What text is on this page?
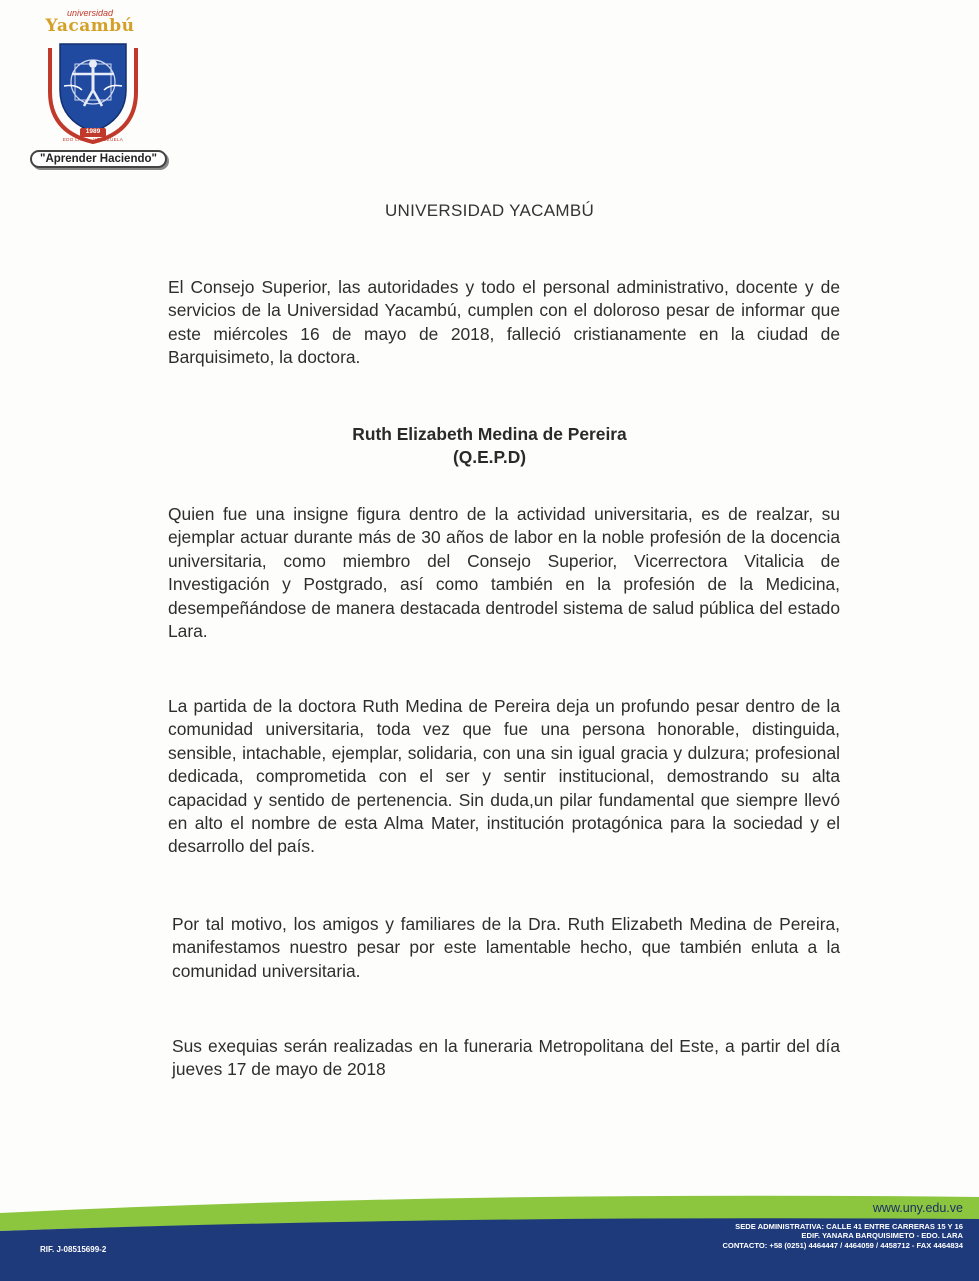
universidad
Yacambú
1989
EDO LARA - VENEZUELA
"Aprender Haciendo"
UNIVERSIDAD YACAMBÚ
El Consejo Superior, las autoridades y todo el personal administrativo, docente y de servicios de la Universidad Yacambú, cumplen con el doloroso pesar de informar que este miércoles 16 de mayo de 2018, falleció cristianamente en la ciudad de Barquisimeto, la doctora.
Ruth Elizabeth Medina de Pereira
(Q.E.P.D)
Quien fue una insigne figura dentro de la actividad universitaria, es de realzar, su ejemplar actuar durante más de 30 años de labor en la noble profesión de la docencia universitaria, como miembro del Consejo Superior, Vicerrectora Vitalicia de Investigación y Postgrado, así como también en la profesión de la Medicina, desempeñándose de manera destacada dentrodel sistema de salud pública del estado Lara.
La partida de la doctora Ruth Medina de Pereira deja un profundo pesar dentro de la comunidad universitaria, toda vez que fue una persona honorable, distinguida, sensible, intachable, ejemplar, solidaria, con una sin igual gracia y dulzura; profesional dedicada, comprometida con el ser y sentir institucional, demostrando su alta capacidad y sentido de pertenencia. Sin duda,un pilar fundamental que siempre llevó en alto el nombre de esta Alma Mater, institución protagónica para la sociedad y el desarrollo del país.
Por tal motivo, los amigos y familiares de la Dra. Ruth Elizabeth Medina de Pereira, manifestamos nuestro pesar por este lamentable hecho, que también enluta a la comunidad universitaria.
Sus exequias serán realizadas en la funeraria Metropolitana del Este, a partir del día jueves 17 de mayo de 2018
www.uny.edu.ve
SEDE ADMINISTRATIVA: CALLE 41 ENTRE CARRERAS 15 Y 16
EDIF. YANARA BARQUISIMETO - EDO. LARA
CONTACTO: +58 (0251) 4464447 / 4464059 / 4458712 - FAX 4464834
RIF. J-08515699-2
